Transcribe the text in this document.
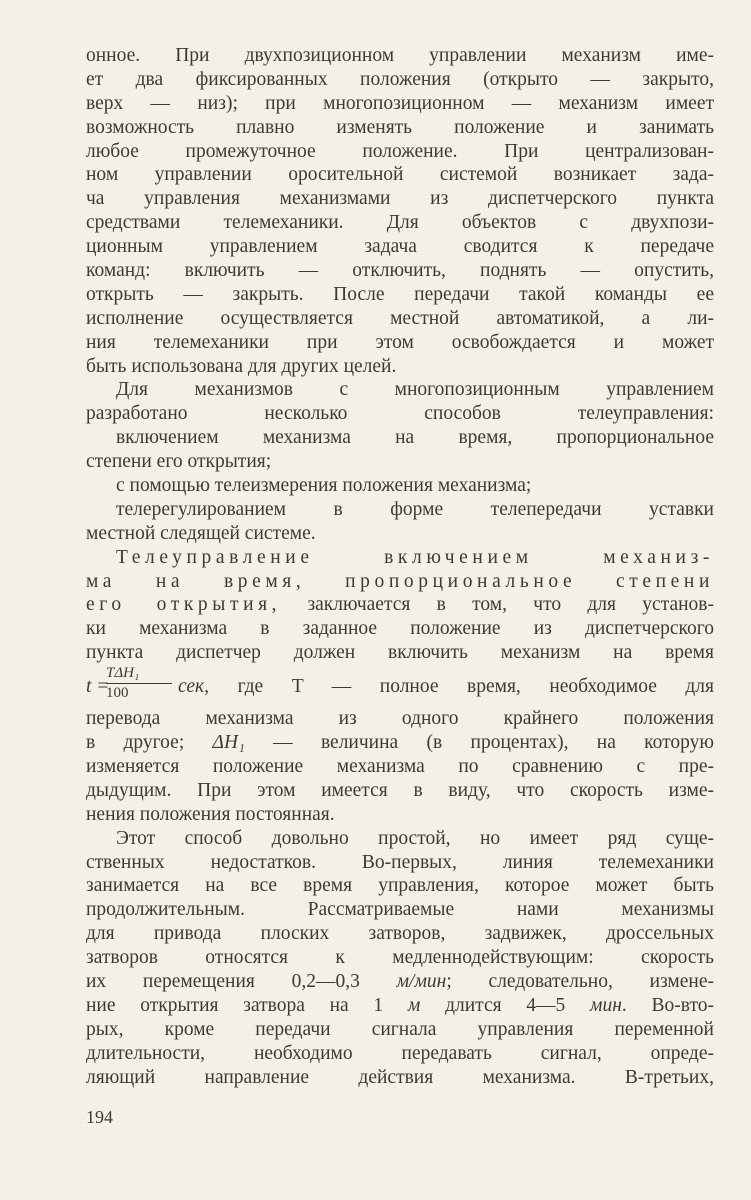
онное. При двухпозиционном управлении механизм име-
ет два фиксированных положения (открыто — закрыто,
верх — низ); при многопозиционном — механизм имеет
возможность плавно изменять положение и занимать
любое промежуточное положение. При централизован-
ном управлении оросительной системой возникает зада-
ча управления механизмами из диспетчерского пункта
средствами телемеханики. Для объектов с двухпози-
ционным управлением задача сводится к передаче
команд: включить — отключить, поднять — опустить,
открыть — закрыть. После передачи такой команды ее
исполнение осуществляется местной автоматикой, а ли-
ния телемеханики при этом освобождается и может
быть использована для других целей.
Для механизмов с многопозиционным управлением
разработано несколько способов телеуправления:
включением механизма на время, пропорциональное
степени его открытия;
с помощью телеизмерения положения механизма;
телерегулированием в форме телепередачи уставки
местной следящей системе.
Телеуправление включением механиз-
ма на время, пропорциональное степени
его открытия, заключается в том, что для установ-
ки механизма в заданное положение из диспетчерского
пункта диспетчер должен включить механизм на время
t =
TΔH₁
100	сек, где T — полное время, необходимое для
перевода механизма из одного крайнего положения
в другое; ΔH₁ — величина (в процентах), на которую
изменяется положение механизма по сравнению с пре-
дыдущим. При этом имеется в виду, что скорость изме-
нения положения постоянная.
Этот способ довольно простой, но имеет ряд суще-
ственных недостатков. Во-первых, линия телемеханики
занимается на все время управления, которое может быть
продолжительным. Рассматриваемые нами механизмы
для привода плоских затворов, задвижек, дроссельных
затворов относятся к медленнодействующим: скорость
их перемещения 0,2—0,3 м/мин; следовательно, измене-
ние открытия затвора на 1 м длится 4—5 мин. Во-вто-
рых, кроме передачи сигнала управления переменной
длительности, необходимо передавать сигнал, опреде-
ляющий направление действия механизма. В-третьих,
194
